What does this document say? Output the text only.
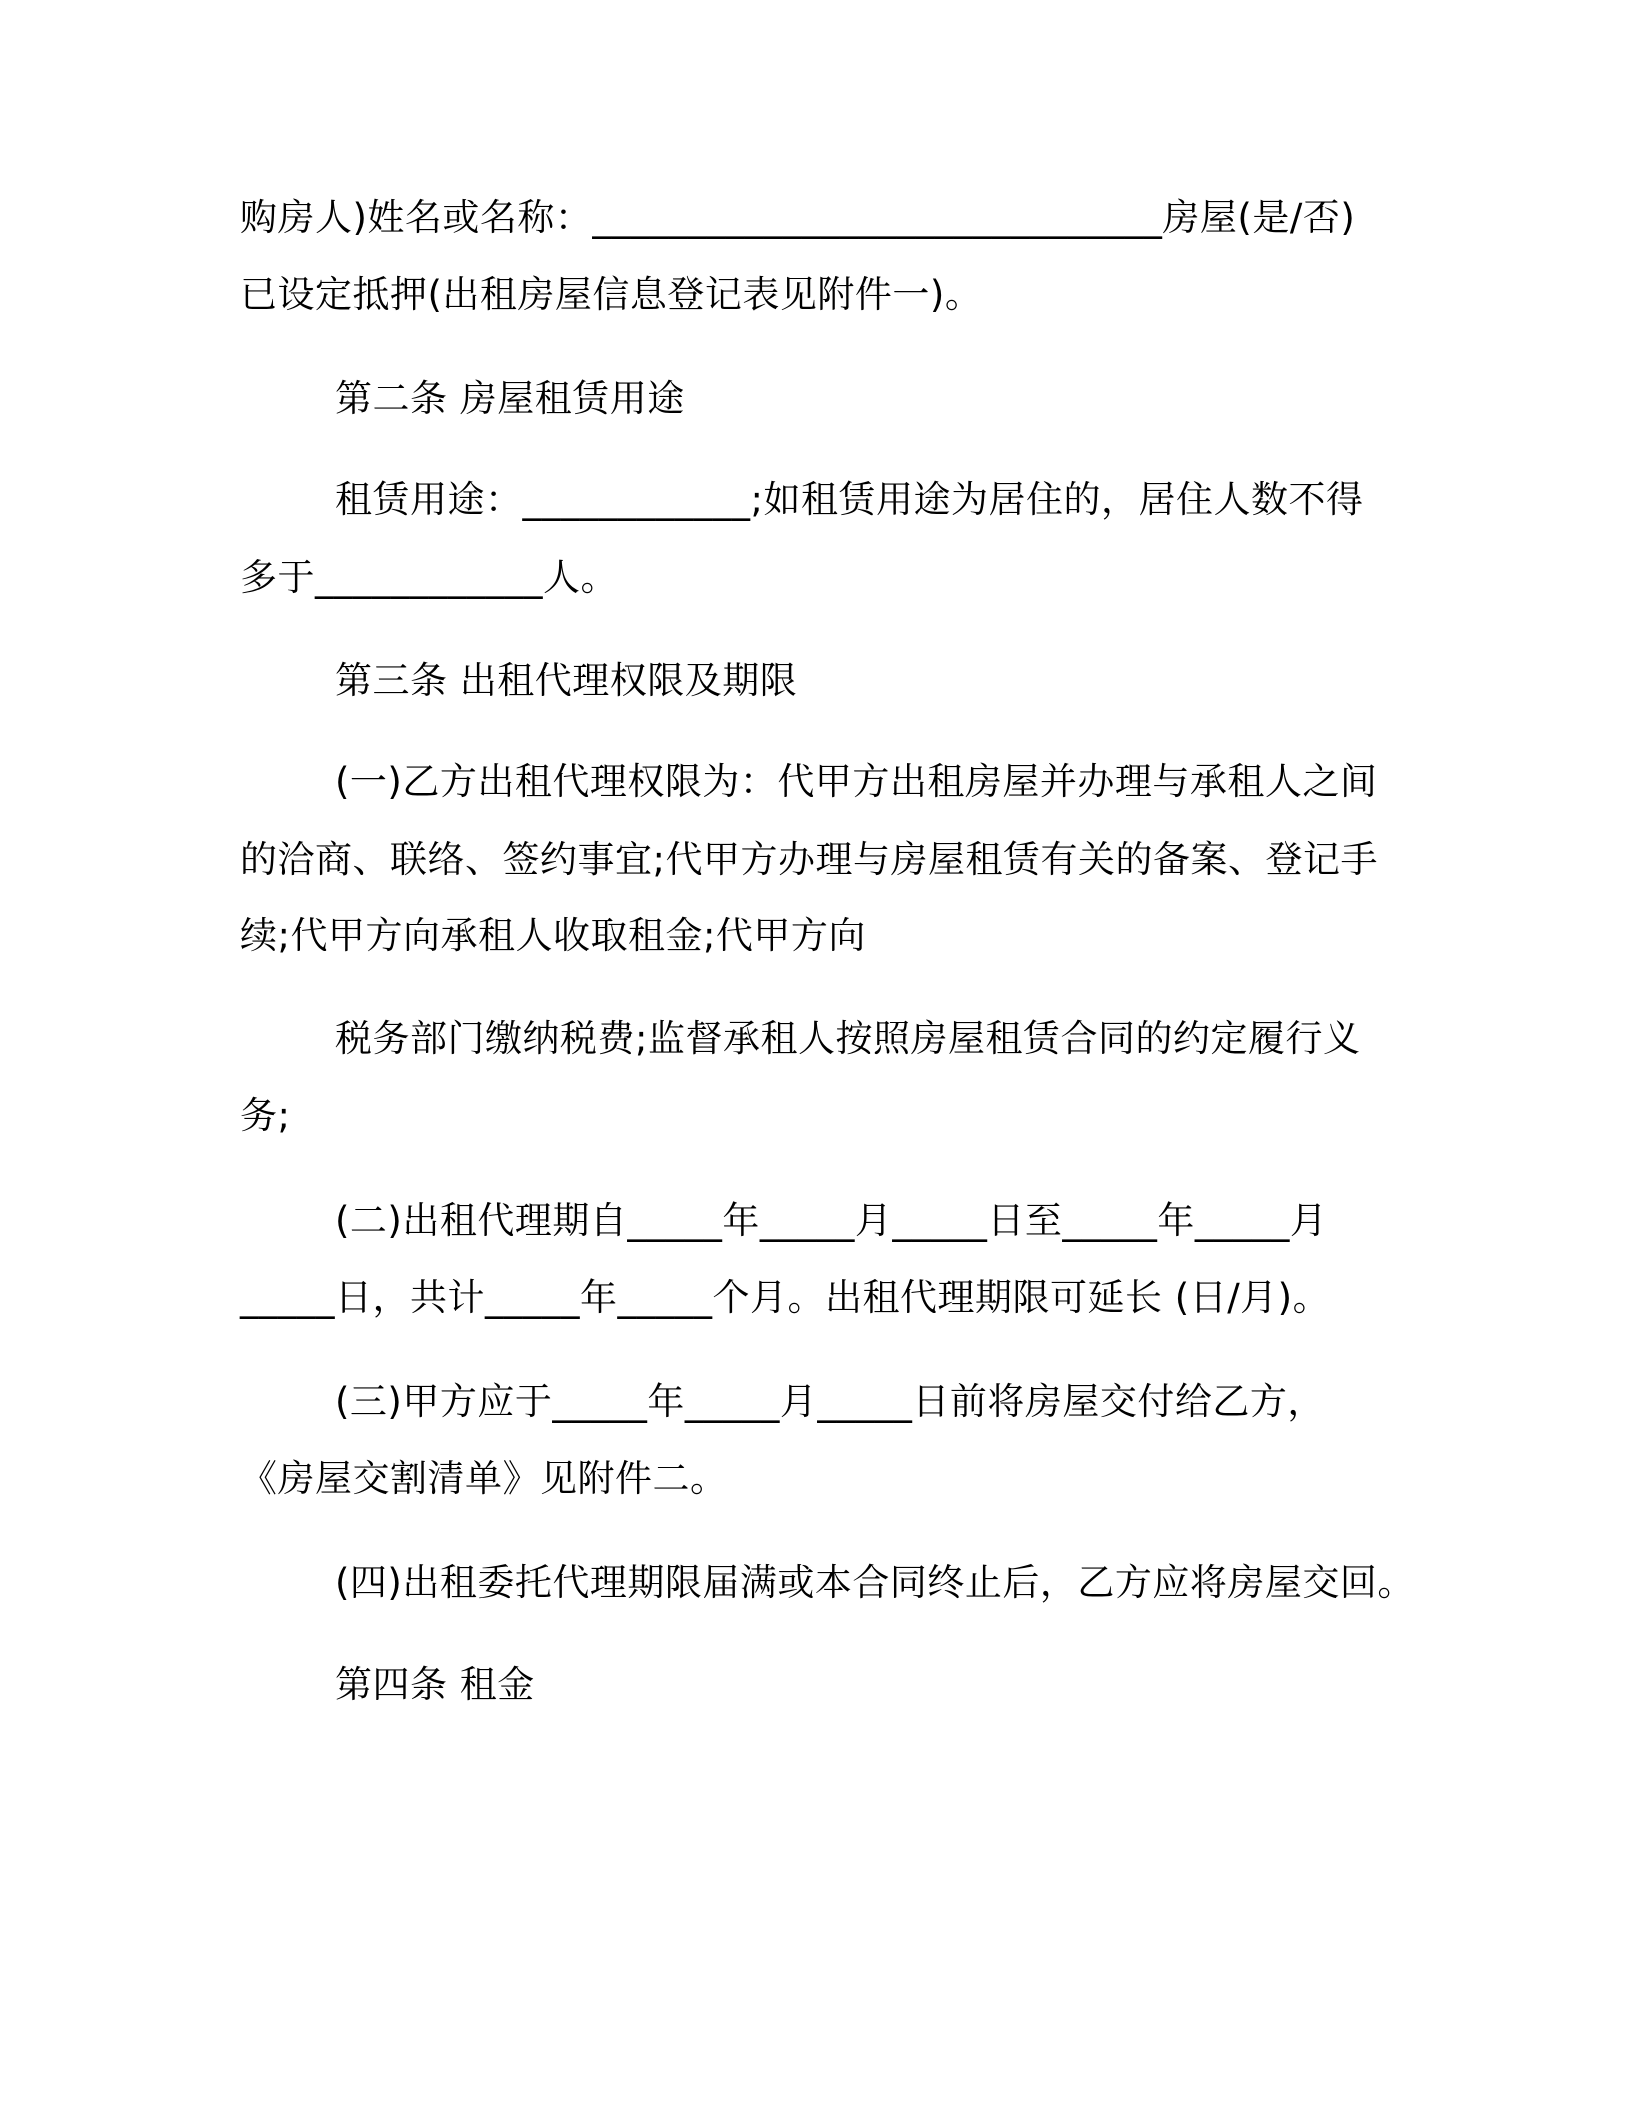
购房人)姓名或名称：______________________________房屋(是/否)
已设定抵押(出租房屋信息登记表见附件一)。
第二条 房屋租赁用途
租赁用途：____________;如租赁用途为居住的，居住人数不得
多于____________人。
第三条 出租代理权限及期限
(一)乙方出租代理权限为：代甲方出租房屋并办理与承租人之间
的洽商、联络、签约事宜;代甲方办理与房屋租赁有关的备案、登记手
续;代甲方向承租人收取租金;代甲方向
税务部门缴纳税费;监督承租人按照房屋租赁合同的约定履行义
务;
(二)出租代理期自_____年_____月_____日至_____年_____月
_____日，共计_____年_____个月。出租代理期限可延长 (日/月)。
(三)甲方应于_____年_____月_____日前将房屋交付给乙方，
《房屋交割清单》见附件二。
(四)出租委托代理期限届满或本合同终止后，乙方应将房屋交回。
第四条 租金
